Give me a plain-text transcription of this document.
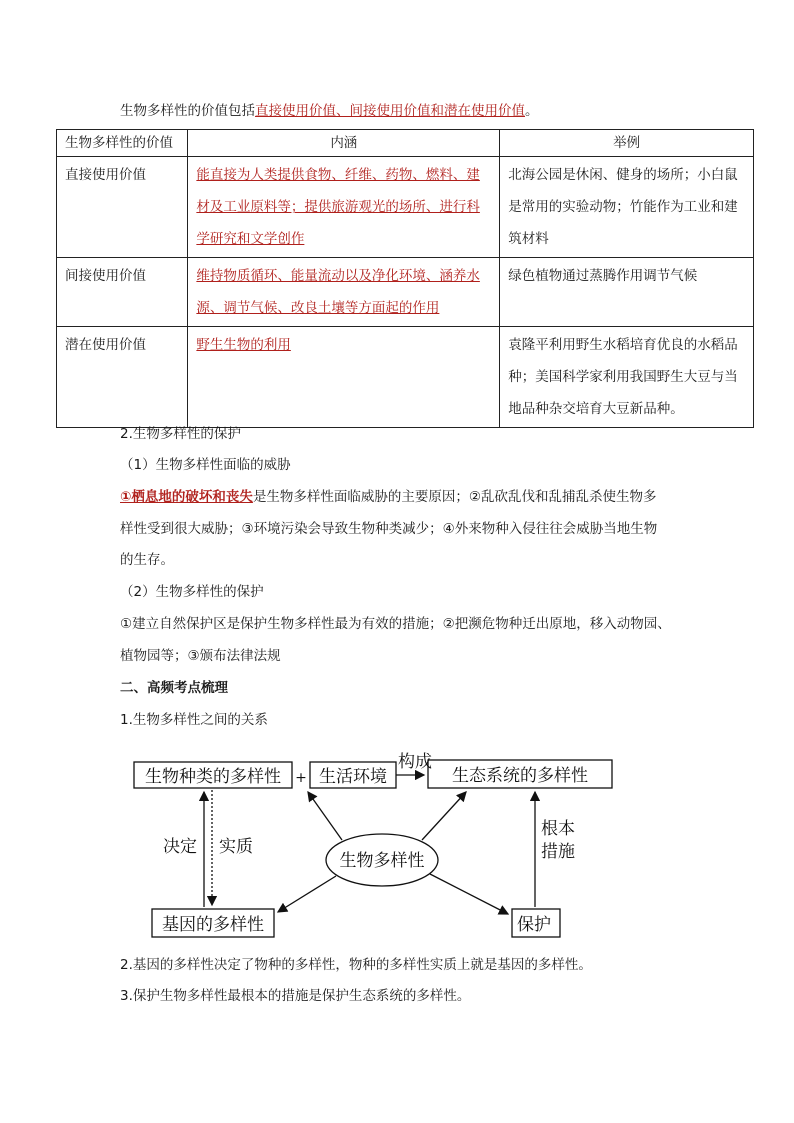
生物多样性的价值包括直接使用价值、间接使用价值和潜在使用价值。
生物多样性的价值	内涵	举例
直接使用价值	能直接为人类提供食物、纤维、药物、燃料、建材及工业原料等；提供旅游观光的场所、进行科学研究和文学创作	北海公园是休闲、健身的场所；小白鼠是常用的实验动物；竹能作为工业和建筑材料
间接使用价值	维持物质循环、能量流动以及净化环境、涵养水源、调节气候、改良土壤等方面起的作用	绿色植物通过蒸腾作用调节气候
潜在使用价值	野生生物的利用	袁隆平利用野生水稻培育优良的水稻品种；美国科学家利用我国野生大豆与当地品种杂交培育大豆新品种。
2.生物多样性的保护
（1）生物多样性面临的威胁
①栖息地的破坏和丧失是生物多样性面临威胁的主要原因；②乱砍乱伐和乱捕乱杀使生物多
样性受到很大威胁；③环境污染会导致生物种类减少；④外来物种入侵往往会威胁当地生物
的生存。
（2）生物多样性的保护
①建立自然保护区是保护生物多样性最为有效的措施；②把濒危物种迁出原地，移入动物园、
植物园等；③颁布法律法规
二、高频考点梳理
1.生物多样性之间的关系
生物种类的多样性 + 生活环境
构成
生态系统的多样性
决定 实质
生物多样性
根本
措施
基因的多样性	保护
2.基因的多样性决定了物种的多样性，物种的多样性实质上就是基因的多样性。
3.保护生物多样性最根本的措施是保护生态系统的多样性。
